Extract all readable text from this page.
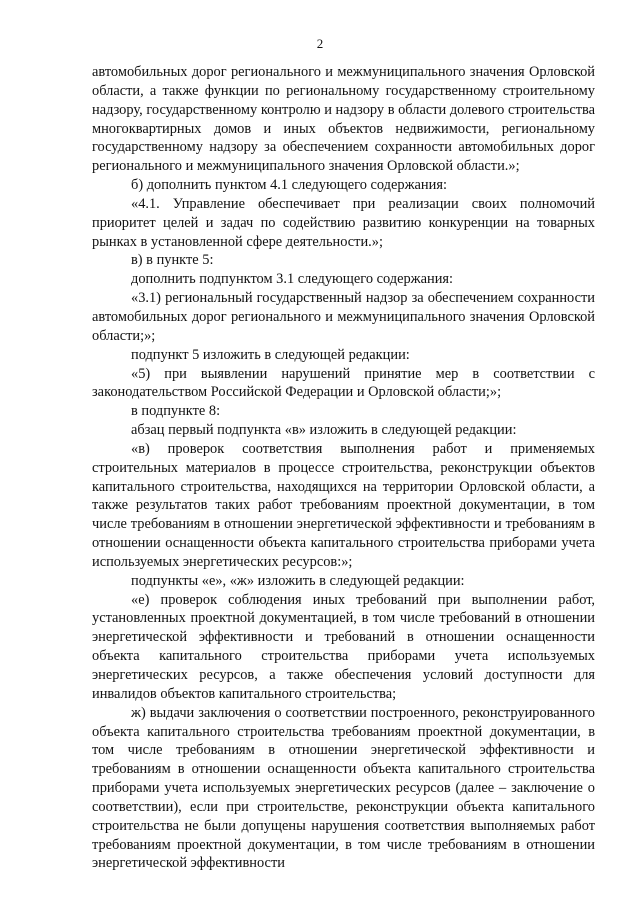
2

автомобильных дорог регионального и межмуниципального значения Орловской области, а также функции по региональному государственному строительному надзору, государственному контролю и надзору в области долевого строительства многоквартирных домов и иных объектов недвижимости, региональному государственному надзору за обеспечением сохранности автомобильных дорог регионального и межмуниципального значения Орловской области.»;

б) дополнить пунктом 4.1 следующего содержания:

«4.1. Управление обеспечивает при реализации своих полномочий приоритет целей и задач по содействию развитию конкуренции на товарных рынках в установленной сфере деятельности.»;

в) в пункте 5:

дополнить подпунктом 3.1 следующего содержания:

«3.1) региональный государственный надзор за обеспечением сохранности автомобильных дорог регионального и межмуниципального значения Орловской области;»;

подпункт 5 изложить в следующей редакции:

«5) при выявлении нарушений принятие мер в соответствии с законодательством Российской Федерации и Орловской области;»;

в подпункте 8:

абзац первый подпункта «в» изложить в следующей редакции:

«в) проверок соответствия выполнения работ и применяемых строительных материалов в процессе строительства, реконструкции объектов капитального строительства, находящихся на территории Орловской области, а также результатов таких работ требованиям проектной документации, в том числе требованиям в отношении энергетической эффективности и требованиям в отношении оснащенности объекта капитального строительства приборами учета используемых энергетических ресурсов:»;

подпункты «е», «ж» изложить в следующей редакции:

«е) проверок соблюдения иных требований при выполнении работ, установленных проектной документацией, в том числе требований в отношении энергетической эффективности и требований в отношении оснащенности объекта капитального строительства приборами учета используемых энергетических ресурсов, а также обеспечения условий доступности для инвалидов объектов капитального строительства;

ж) выдачи заключения о соответствии построенного, реконструированного объекта капитального строительства требованиям проектной документации, в том числе требованиям в отношении энергетической эффективности и требованиям в отношении оснащенности объекта капитального строительства приборами учета используемых энергетических ресурсов (далее – заключение о соответствии), если при строительстве, реконструкции объекта капитального строительства не были допущены нарушения соответствия выполняемых работ требованиям проектной документации, в том числе требованиям в отношении энергетической эффективности
